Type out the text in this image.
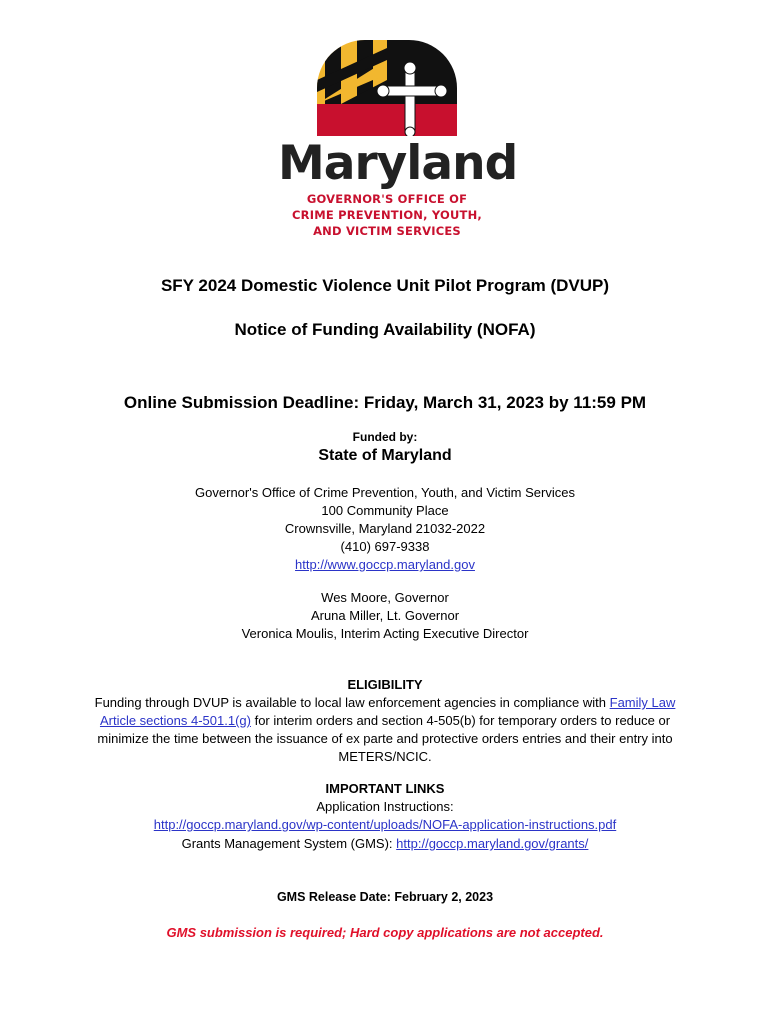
Maryland
GOVERNOR'S OFFICE OF
CRIME PREVENTION, YOUTH,
AND VICTIM SERVICES
SFY 2024 Domestic Violence Unit Pilot Program (DVUP)
Notice of Funding Availability (NOFA)
Online Submission Deadline: Friday, March 31, 2023 by 11:59 PM
Funded by:
State of Maryland
Governor's Office of Crime Prevention, Youth, and Victim Services
100 Community Place
Crownsville, Maryland 21032-2022
(410) 697-9338
http://www.goccp.maryland.gov
Wes Moore, Governor
Aruna Miller, Lt. Governor
Veronica Moulis, Interim Acting Executive Director
ELIGIBILITY
Funding through DVUP is available to local law enforcement agencies in compliance with Family Law
Article sections 4-501.1(g) for interim orders and section 4-505(b) for temporary orders to reduce or
minimize the time between the issuance of ex parte and protective orders entries and their entry into
METERS/NCIC.
IMPORTANT LINKS
Application Instructions:
http://goccp.maryland.gov/wp-content/uploads/NOFA-application-instructions.pdf
Grants Management System (GMS): http://goccp.maryland.gov/grants/
GMS Release Date: February 2, 2023
GMS submission is required; Hard copy applications are not accepted.
